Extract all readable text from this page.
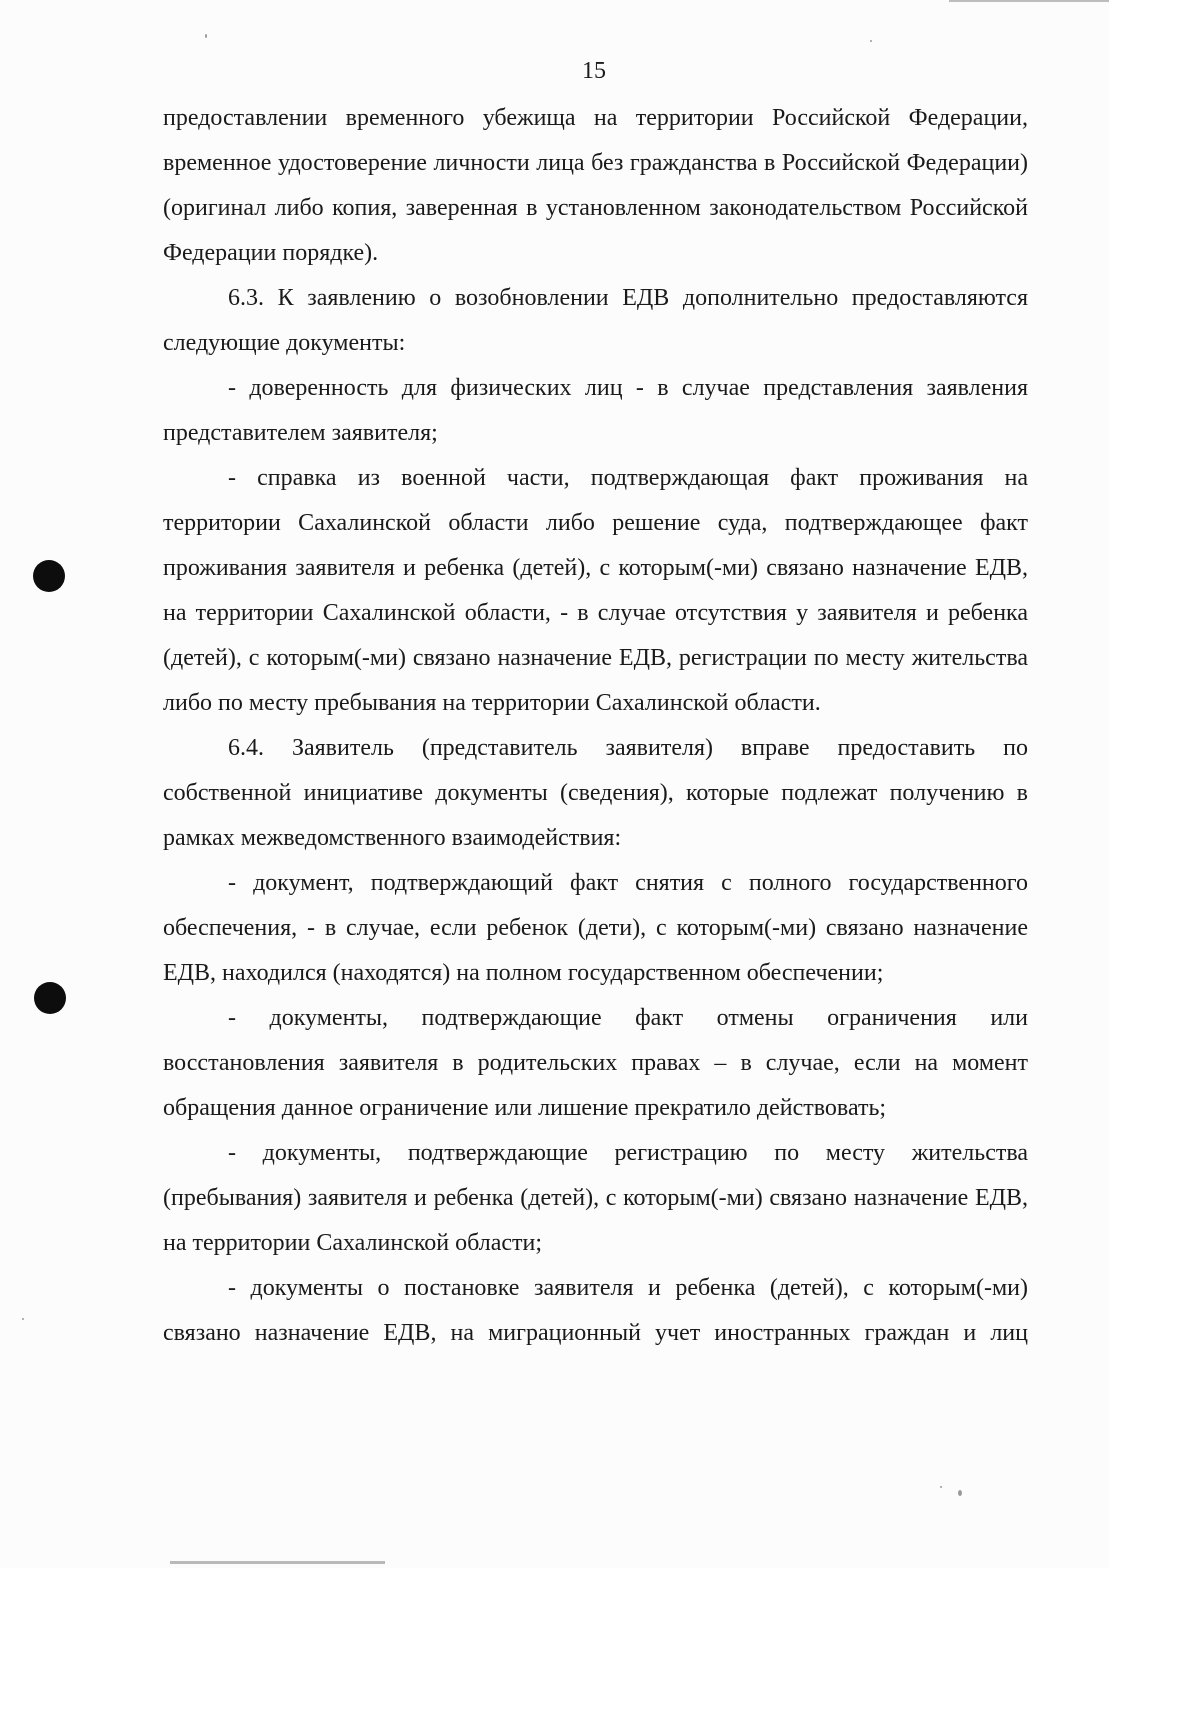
15

предоставлении временного убежища на территории Российской Федерации, временное удостоверение личности лица без гражданства в Российской Федерации) (оригинал либо копия, заверенная в установленном законодательством Российской Федерации порядке).

6.3. К заявлению о возобновлении ЕДВ дополнительно предоставляются следующие документы:

- доверенность для физических лиц - в случае представления заявления представителем заявителя;

- справка из военной части, подтверждающая факт проживания на территории Сахалинской области либо решение суда, подтверждающее факт проживания заявителя и ребенка (детей), с которым(-ми) связано назначение ЕДВ, на территории Сахалинской области, - в случае отсутствия у заявителя и ребенка (детей), с которым(-ми) связано назначение ЕДВ, регистрации по месту жительства либо по месту пребывания на территории Сахалинской области.

6.4. Заявитель (представитель заявителя) вправе предоставить по собственной инициативе документы (сведения), которые подлежат получению в рамках межведомственного взаимодействия:

- документ, подтверждающий факт снятия с полного государственного обеспечения, - в случае, если ребенок (дети), с которым(-ми) связано назначение ЕДВ, находился (находятся) на полном государственном обеспечении;

- документы, подтверждающие факт отмены ограничения или восстановления заявителя в родительских правах – в случае, если на момент обращения данное ограничение или лишение прекратило действовать;

- документы, подтверждающие регистрацию по месту жительства (пребывания) заявителя и ребенка (детей), с которым(-ми) связано назначение ЕДВ, на территории Сахалинской области;

- документы о постановке заявителя и ребенка (детей), с которым(-ми) связано назначение ЕДВ, на миграционный учет иностранных граждан и лиц
